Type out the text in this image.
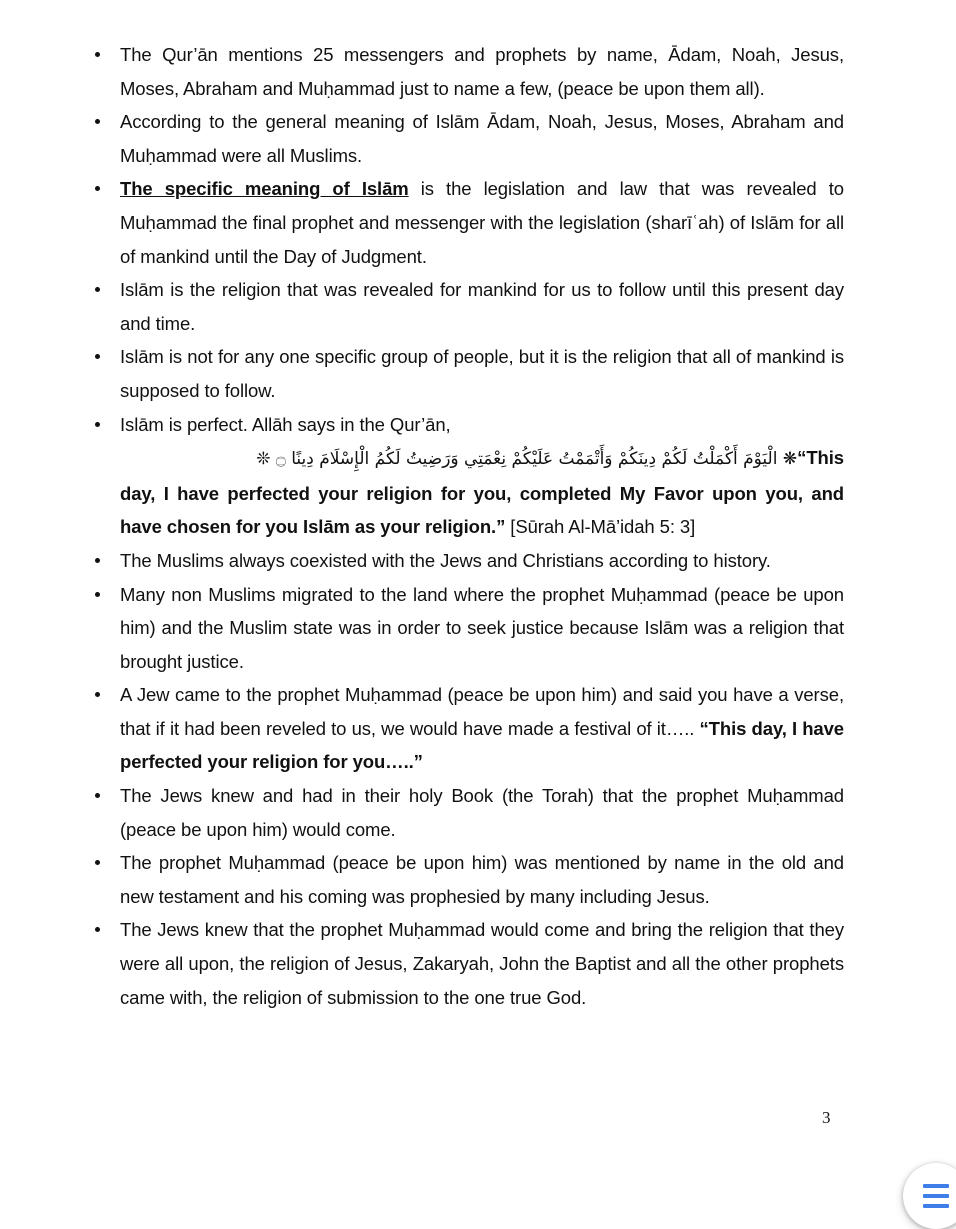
The Qur’ān mentions 25 messengers and prophets by name, Ādam, Noah, Jesus, Moses, Abraham and Muḥammad just to name a few, (peace be upon them all).
According to the general meaning of Islām Ādam, Noah, Jesus, Moses, Abraham and Muḥammad were all Muslims.
The specific meaning of Islām is the legislation and law that was revealed to Muḥammad the final prophet and messenger with the legislation (sharīʿah) of Islām for all of mankind until the Day of Judgment.
Islām is the religion that was revealed for mankind for us to follow until this present day and time.
Islām is not for any one specific group of people, but it is the religion that all of mankind is supposed to follow.
Islām is perfect. Allāh says in the Qur’ān,
❋ الْيَوْمَ أَكْمَلْتُ لَكُمْ دِينَكُمْ وَأَتْمَمْتُ عَلَيْكُمْ نِعْمَتِي وَرَضِيتُ لَكُمُ الْإِسْلَامَ دِينًا ۝ ❊“This
day, I have perfected your religion for you, completed My Favor upon you, and have chosen for you Islām as your religion.” [Sūrah Al-Mā’idah 5: 3]
The Muslims always coexisted with the Jews and Christians according to history.
Many non Muslims migrated to the land where the prophet Muḥammad (peace be upon him) and the Muslim state was in order to seek justice because Islām was a religion that brought justice.
A Jew came to the prophet Muḥammad (peace be upon him) and said you have a verse, that if it had been reveled to us, we would have made a festival of it….. “This day, I have perfected your religion for you…..”
The Jews knew and had in their holy Book (the Torah) that the prophet Muḥammad (peace be upon him) would come.
The prophet Muḥammad (peace be upon him) was mentioned by name in the old and new testament and his coming was prophesied by many including Jesus.
The Jews knew that the prophet Muḥammad would come and bring the religion that they were all upon, the religion of Jesus, Zakaryah, John the Baptist and all the other prophets came with, the religion of submission to the one true God.
3
